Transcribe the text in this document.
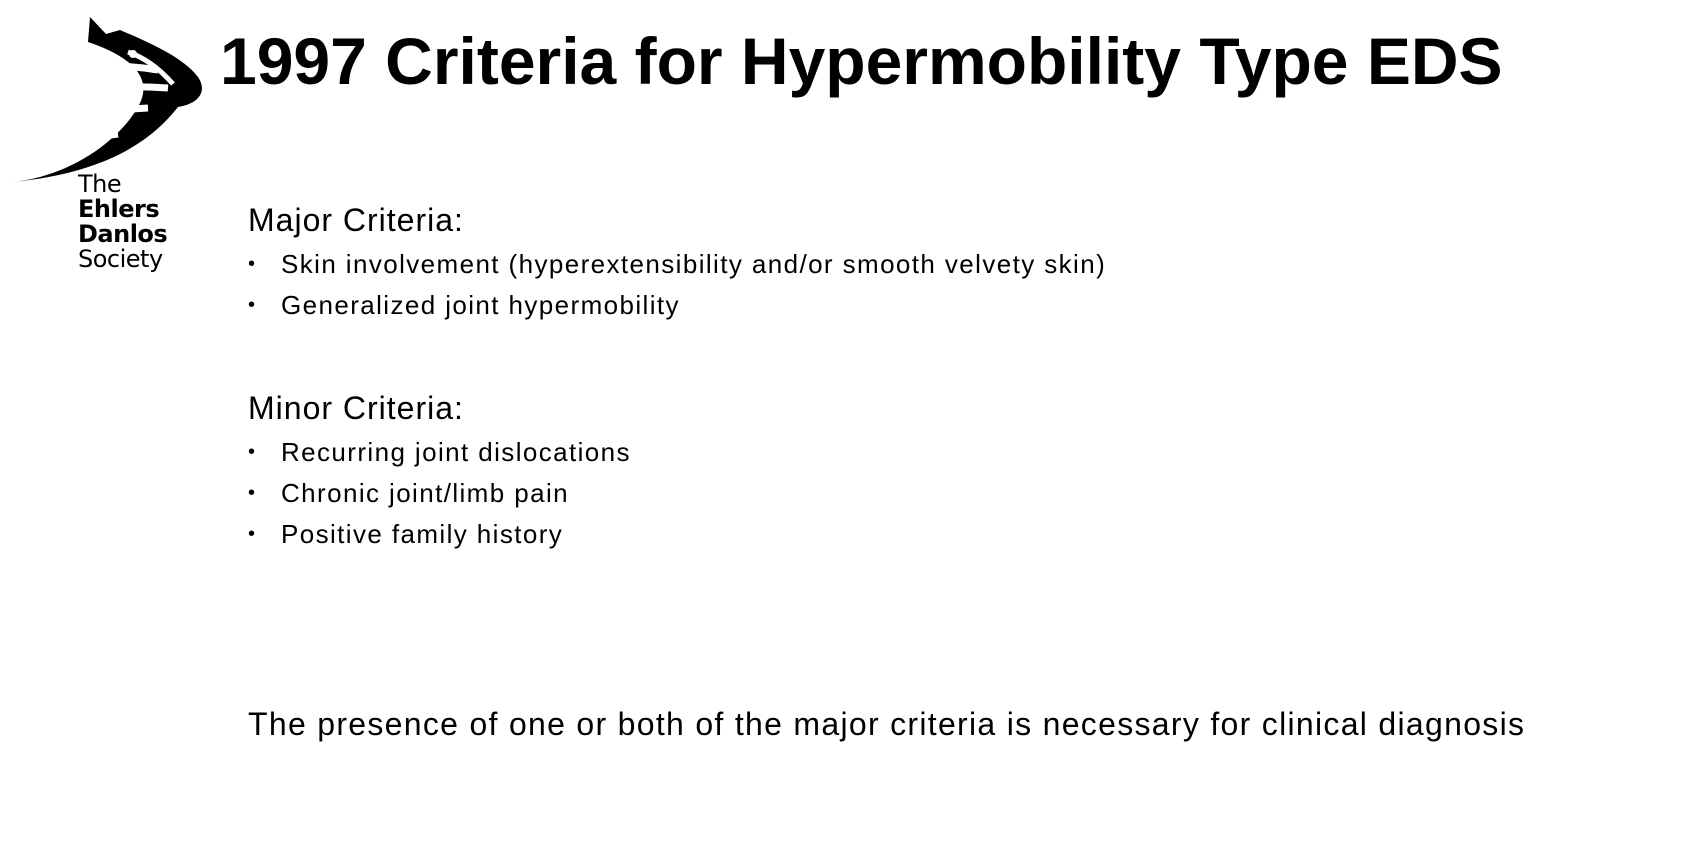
The
Ehlers
Danlos
Society
1997 Criteria for Hypermobility Type EDS
Major Criteria:
• Skin involvement (hyperextensibility and/or smooth velvety skin)
• Generalized joint hypermobility
Minor Criteria:
• Recurring joint dislocations
• Chronic joint/limb pain
• Positive family history
The presence of one or both of the major criteria is necessary for clinical diagnosis
